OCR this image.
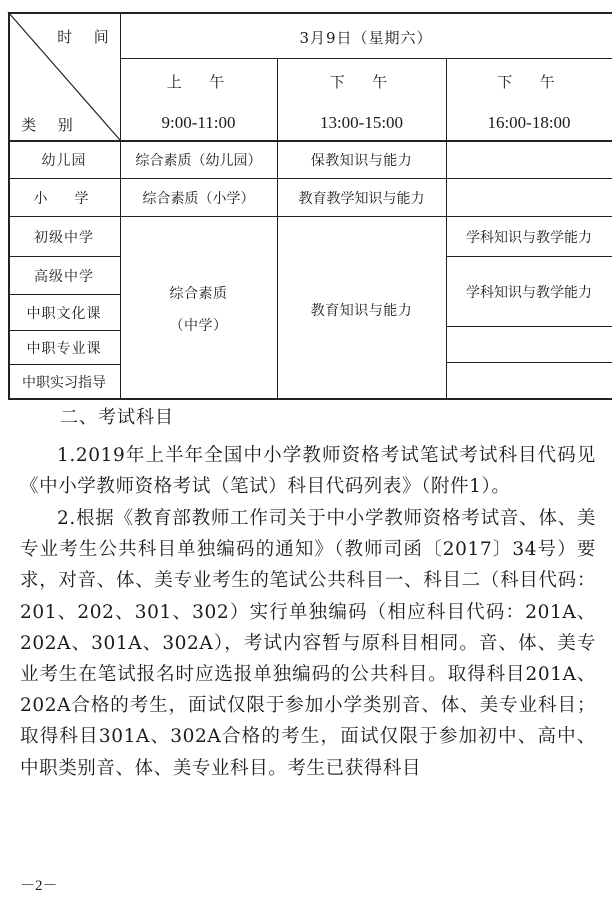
时  间
类  别
3月9日（星期六）
上  午
9:00-11:00
下  午
13:00-15:00
下  午
16:00-18:00
幼儿园
小  学
初级中学
高级中学
中职文化课
中职专业课
中职实习指导
综合素质（幼儿园）	保教知识与能力
综合素质（小学）	教育教学知识与能力
综合素质
（中学）
教育知识与能力
学科知识与教学能力
学科知识与教学能力
二、考试科目
1.2019年上半年全国中小学教师资格考试笔试考试科目代码见《中小学教师资格考试（笔试）科目代码列表》（附件1）。
2.根据《教育部教师工作司关于中小学教师资格考试音、体、美专业考生公共科目单独编码的通知》（教师司函〔2017〕34号）要求，对音、体、美专业考生的笔试公共科目一、科目二（科目代码：201、202、301、302）实行单独编码（相应科目代码：201A、202A、301A、302A），考试内容暂与原科目相同。音、体、美专业考生在笔试报名时应选报单独编码的公共科目。取得科目201A、202A合格的考生，面试仅限于参加小学类别音、体、美专业科目；取得科目301A、302A合格的考生，面试仅限于参加初中、高中、中职类别音、体、美专业科目。考生已获得科目
－2－
